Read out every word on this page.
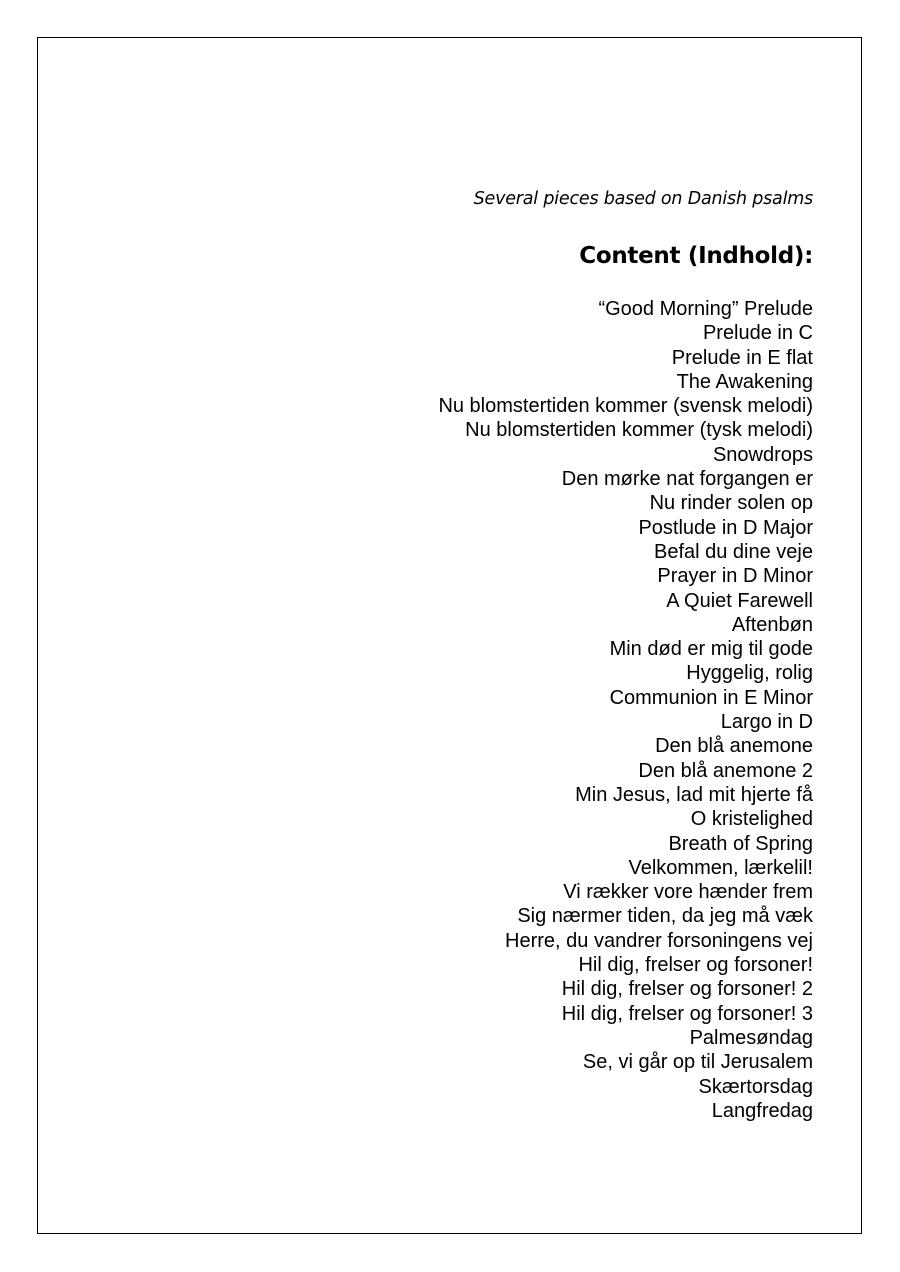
Several pieces based on Danish psalms
Content (Indhold):
“Good Morning” Prelude
Prelude in C
Prelude in E flat
The Awakening
Nu blomstertiden kommer (svensk melodi)
Nu blomstertiden kommer (tysk melodi)
Snowdrops
Den mørke nat forgangen er
Nu rinder solen op
Postlude in D Major
Befal du dine veje
Prayer in D Minor
A Quiet Farewell
Aftenbøn
Min død er mig til gode
Hyggelig, rolig
Communion in E Minor
Largo in D
Den blå anemone
Den blå anemone 2
Min Jesus, lad mit hjerte få
O kristelighed
Breath of Spring
Velkommen, lærkelil!
Vi rækker vore hænder frem
Sig nærmer tiden, da jeg må væk
Herre, du vandrer forsoningens vej
Hil dig, frelser og forsoner!
Hil dig, frelser og forsoner! 2
Hil dig, frelser og forsoner! 3
Palmesøndag
Se, vi går op til Jerusalem
Skærtorsdag
Langfredag
